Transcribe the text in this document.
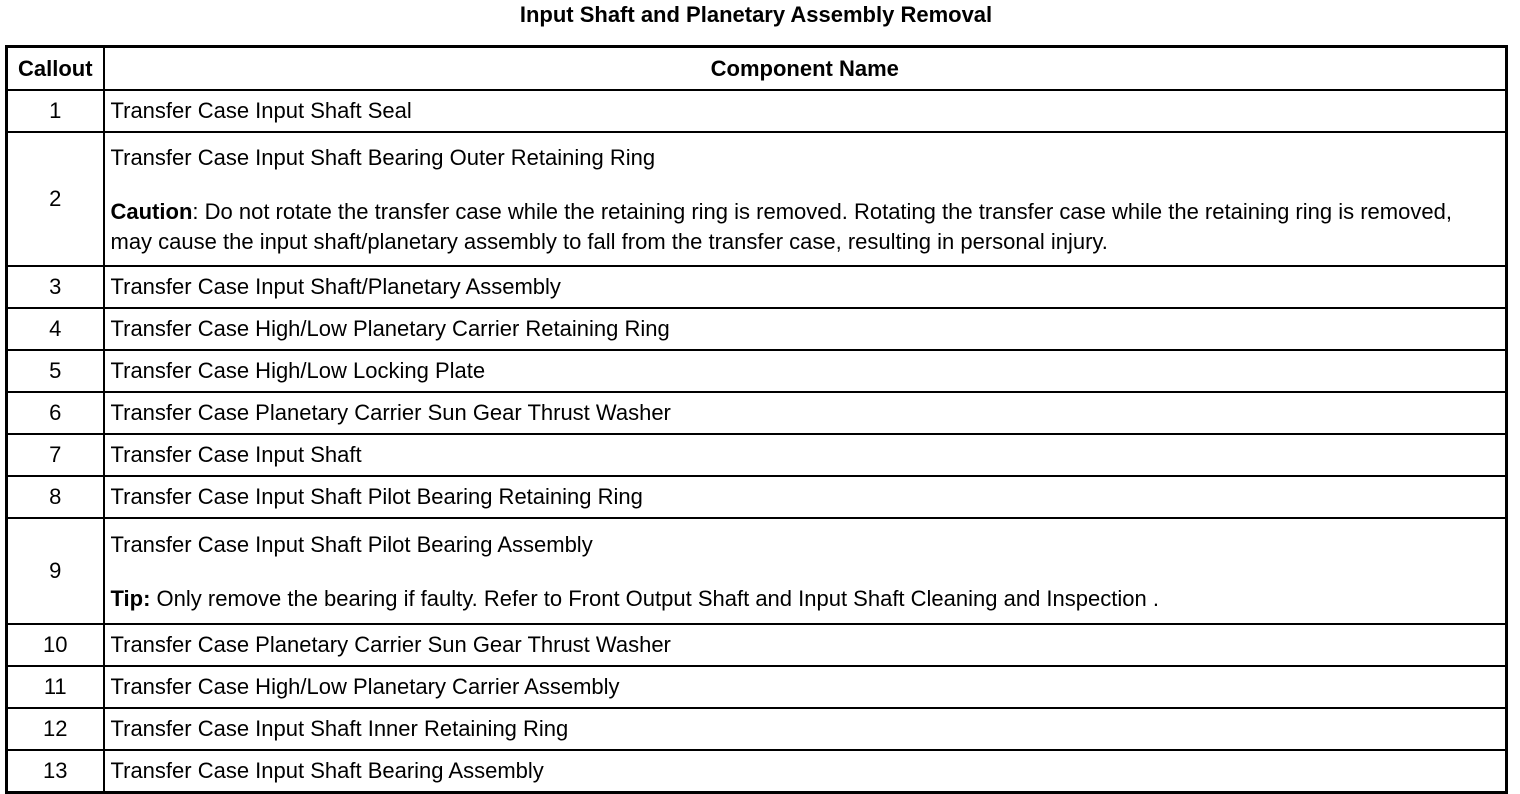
Input Shaft and Planetary Assembly Removal
Callout	Component Name
1	Transfer Case Input Shaft Seal
2	Transfer Case Input Shaft Bearing Outer Retaining Ring
Caution: Do not rotate the transfer case while the retaining ring is removed. Rotating the transfer case while the retaining ring is removed, may cause the input shaft/planetary assembly to fall from the transfer case, resulting in personal injury.

3	Transfer Case Input Shaft/Planetary Assembly
4	Transfer Case High/Low Planetary Carrier Retaining Ring
5	Transfer Case High/Low Locking Plate
6	Transfer Case Planetary Carrier Sun Gear Thrust Washer
7	Transfer Case Input Shaft
8	Transfer Case Input Shaft Pilot Bearing Retaining Ring
9	Transfer Case Input Shaft Pilot Bearing Assembly
Tip: Only remove the bearing if faulty. Refer to Front Output Shaft and Input Shaft Cleaning and Inspection .

10	Transfer Case Planetary Carrier Sun Gear Thrust Washer
11	Transfer Case High/Low Planetary Carrier Assembly
12	Transfer Case Input Shaft Inner Retaining Ring
13	Transfer Case Input Shaft Bearing Assembly
